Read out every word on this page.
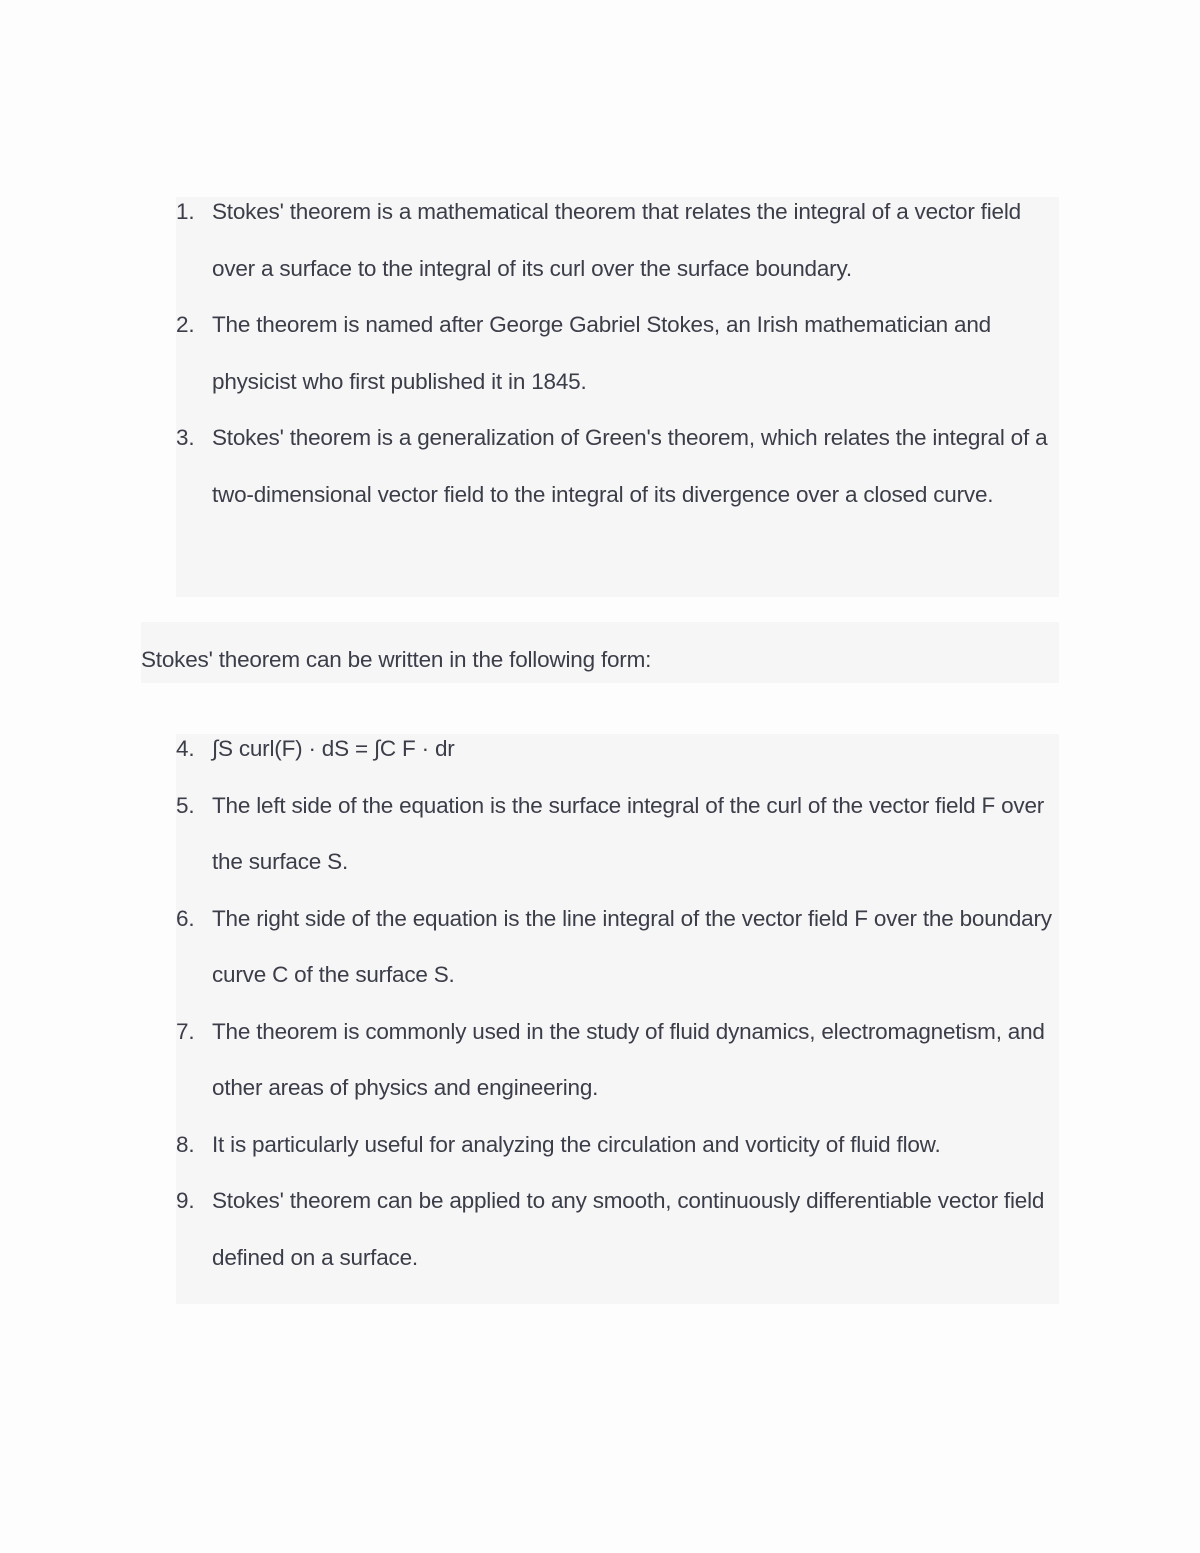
1. Stokes' theorem is a mathematical theorem that relates the integral of a vector field over a surface to the integral of its curl over the surface boundary.
2. The theorem is named after George Gabriel Stokes, an Irish mathematician and physicist who first published it in 1845.
3. Stokes' theorem is a generalization of Green's theorem, which relates the integral of a two-dimensional vector field to the integral of its divergence over a closed curve.

Stokes' theorem can be written in the following form:

4. ∫S curl(F) · dS = ∫C F · dr
5. The left side of the equation is the surface integral of the curl of the vector field F over the surface S.
6. The right side of the equation is the line integral of the vector field F over the boundary curve C of the surface S.
7. The theorem is commonly used in the study of fluid dynamics, electromagnetism, and other areas of physics and engineering.
8. It is particularly useful for analyzing the circulation and vorticity of fluid flow.
9. Stokes' theorem can be applied to any smooth, continuously differentiable vector field defined on a surface.
